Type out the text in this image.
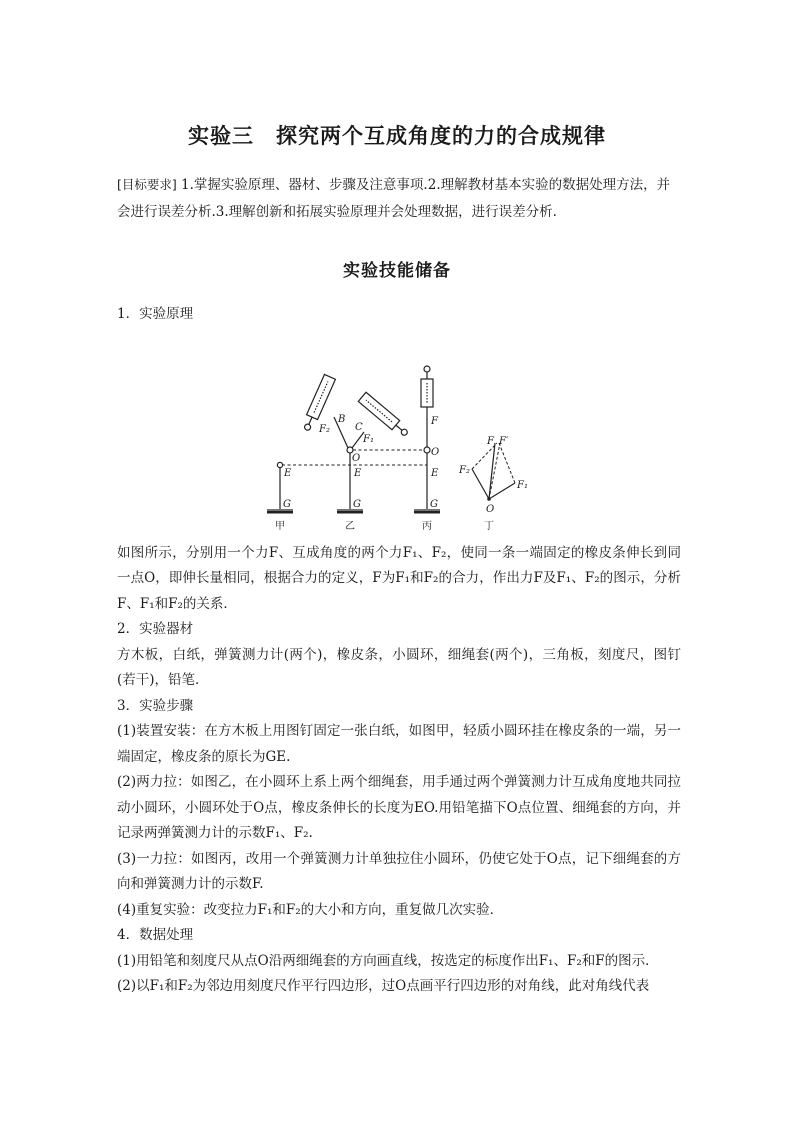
实验三　探究两个互成角度的力的合成规律
[目标要求] 1.掌握实验原理、器材、步骤及注意事项.2.理解教材基本实验的数据处理方法，并会进行误差分析.3.理解创新和拓展实验原理并会处理数据，进行误差分析.
实验技能储备

1．实验原理

E
G
E
G
O
B
C
F₂
F₁
F
O
E
G
F F′
F₂
F₁
O
甲	乙	丙	丁

如图所示，分别用一个力F、互成角度的两个力F₁、F₂，使同一条一端固定的橡皮条伸长到同一点O，即伸长量相同，根据合力的定义，F为F₁和F₂的合力，作出力F及F₁、F₂的图示，分析F、F₁和F₂的关系．

2．实验器材

方木板，白纸，弹簧测力计(两个)，橡皮条，小圆环，细绳套(两个)，三角板，刻度尺，图钉(若干)，铅笔．

3．实验步骤

(1)装置安装：在方木板上用图钉固定一张白纸，如图甲，轻质小圆环挂在橡皮条的一端，另一端固定，橡皮条的原长为GE.

(2)两力拉：如图乙，在小圆环上系上两个细绳套，用手通过两个弹簧测力计互成角度地共同拉动小圆环，小圆环处于O点，橡皮条伸长的长度为EO.用铅笔描下O点位置、细绳套的方向，并记录两弹簧测力计的示数F₁、F₂.

(3)一力拉：如图丙，改用一个弹簧测力计单独拉住小圆环，仍使它处于O点，记下细绳套的方向和弹簧测力计的示数F.

(4)重复实验：改变拉力F₁和F₂的大小和方向，重复做几次实验．

4．数据处理

(1)用铅笔和刻度尺从点O沿两细绳套的方向画直线，按选定的标度作出F₁、F₂和F的图示．

(2)以F₁和F₂为邻边用刻度尺作平行四边形，过O点画平行四边形的对角线，此对角线代表
